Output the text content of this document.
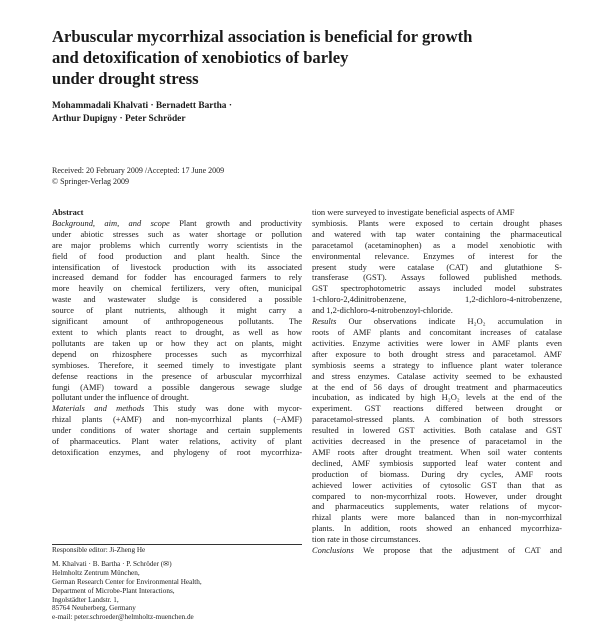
Arbuscular mycorrhizal association is beneficial for growth
and detoxification of xenobiotics of barley
under drought stress
Mohammadali Khalvati · Bernadett Bartha ·
Arthur Dupigny · Peter Schröder
Received: 20 February 2009 /Accepted: 17 June 2009
© Springer-Verlag 2009
Abstract
Background, aim, and scope Plant growth and productivity
under abiotic stresses such as water shortage or pollution
are major problems which currently worry scientists in the
field of food production and plant health. Since the
intensification of livestock production with its associated
increased demand for fodder has encouraged farmers to rely
more heavily on chemical fertilizers, very often, municipal
waste and wastewater sludge is considered a possible
source of plant nutrients, although it might carry a
significant amount of anthropogeneous pollutants. The
extent to which plants react to drought, as well as how
pollutants are taken up or how they act on plants, might
depend on rhizosphere processes such as mycorrhizal
symbioses. Therefore, it seemed timely to investigate plant
defense reactions in the presence of arbuscular mycorrhizal
fungi (AMF) toward a possible dangerous sewage sludge
pollutant under the influence of drought.
Materials and methods This study was done with mycor-
rhizal plants (+AMF) and non-mycorrhizal plants (−AMF)
under conditions of water shortage and certain supplements
of pharmaceutics. Plant water relations, activity of plant
detoxification enzymes, and phylogeny of root mycorrhiza-
tion were surveyed to investigate beneficial aspects of AMF
symbiosis. Plants were exposed to certain drought phases
and watered with tap water containing the pharmaceutical
paracetamol (acetaminophen) as a model xenobiotic with
environmental relevance. Enzymes of interest for the
present study were catalase (CAT) and glutathione S-
transferase (GST). Assays followed published methods.
GST spectrophotometric assays included model substrates
1-chloro-2,4dinitrobenzene, 1,2-dichloro-4-nitrobenzene,
and 1,2-dichloro-4-nitrobenzoyl-chloride.
Results Our observations indicate H₂O₂ accumulation in
roots of AMF plants and concomitant increases of catalase
activities. Enzyme activities were lower in AMF plants even
after exposure to both drought stress and paracetamol. AMF
symbiosis seems a strategy to influence plant water tolerance
and stress enzymes. Catalase activity seemed to be exhausted
at the end of 56 days of drought treatment and pharmaceutics
incubation, as indicated by high H₂O₂ levels at the end of the
experiment. GST reactions differed between drought or
paracetamol-stressed plants. A combination of both stressors
resulted in lowered GST activities. Both catalase and GST
activities decreased in the presence of paracetamol in the
AMF roots after drought treatment. When soil water contents
declined, AMF symbiosis supported leaf water content and
production of biomass. During dry cycles, AMF roots
achieved lower activities of cytosolic GST than that as
compared to non-mycorrhizal roots. However, under drought
and pharmaceutics supplements, water relations of mycor-
rhizal plants were more balanced than in non-mycorrhizal
plants. In addition, roots showed an enhanced mycorrhiza-
tion rate in those circumstances.
Conclusions We propose that the adjustment of CAT and
Responsible editor: Ji-Zheng He
M. Khalvati · B. Bartha · P. Schröder (✉)
Helmholtz Zentrum München,
German Research Center for Environmental Health,
Department of Microbe-Plant Interactions,
Ingolstädter Landstr. 1,
85764 Neuherberg, Germany
e-mail: peter.schroeder@helmholtz-muenchen.de
